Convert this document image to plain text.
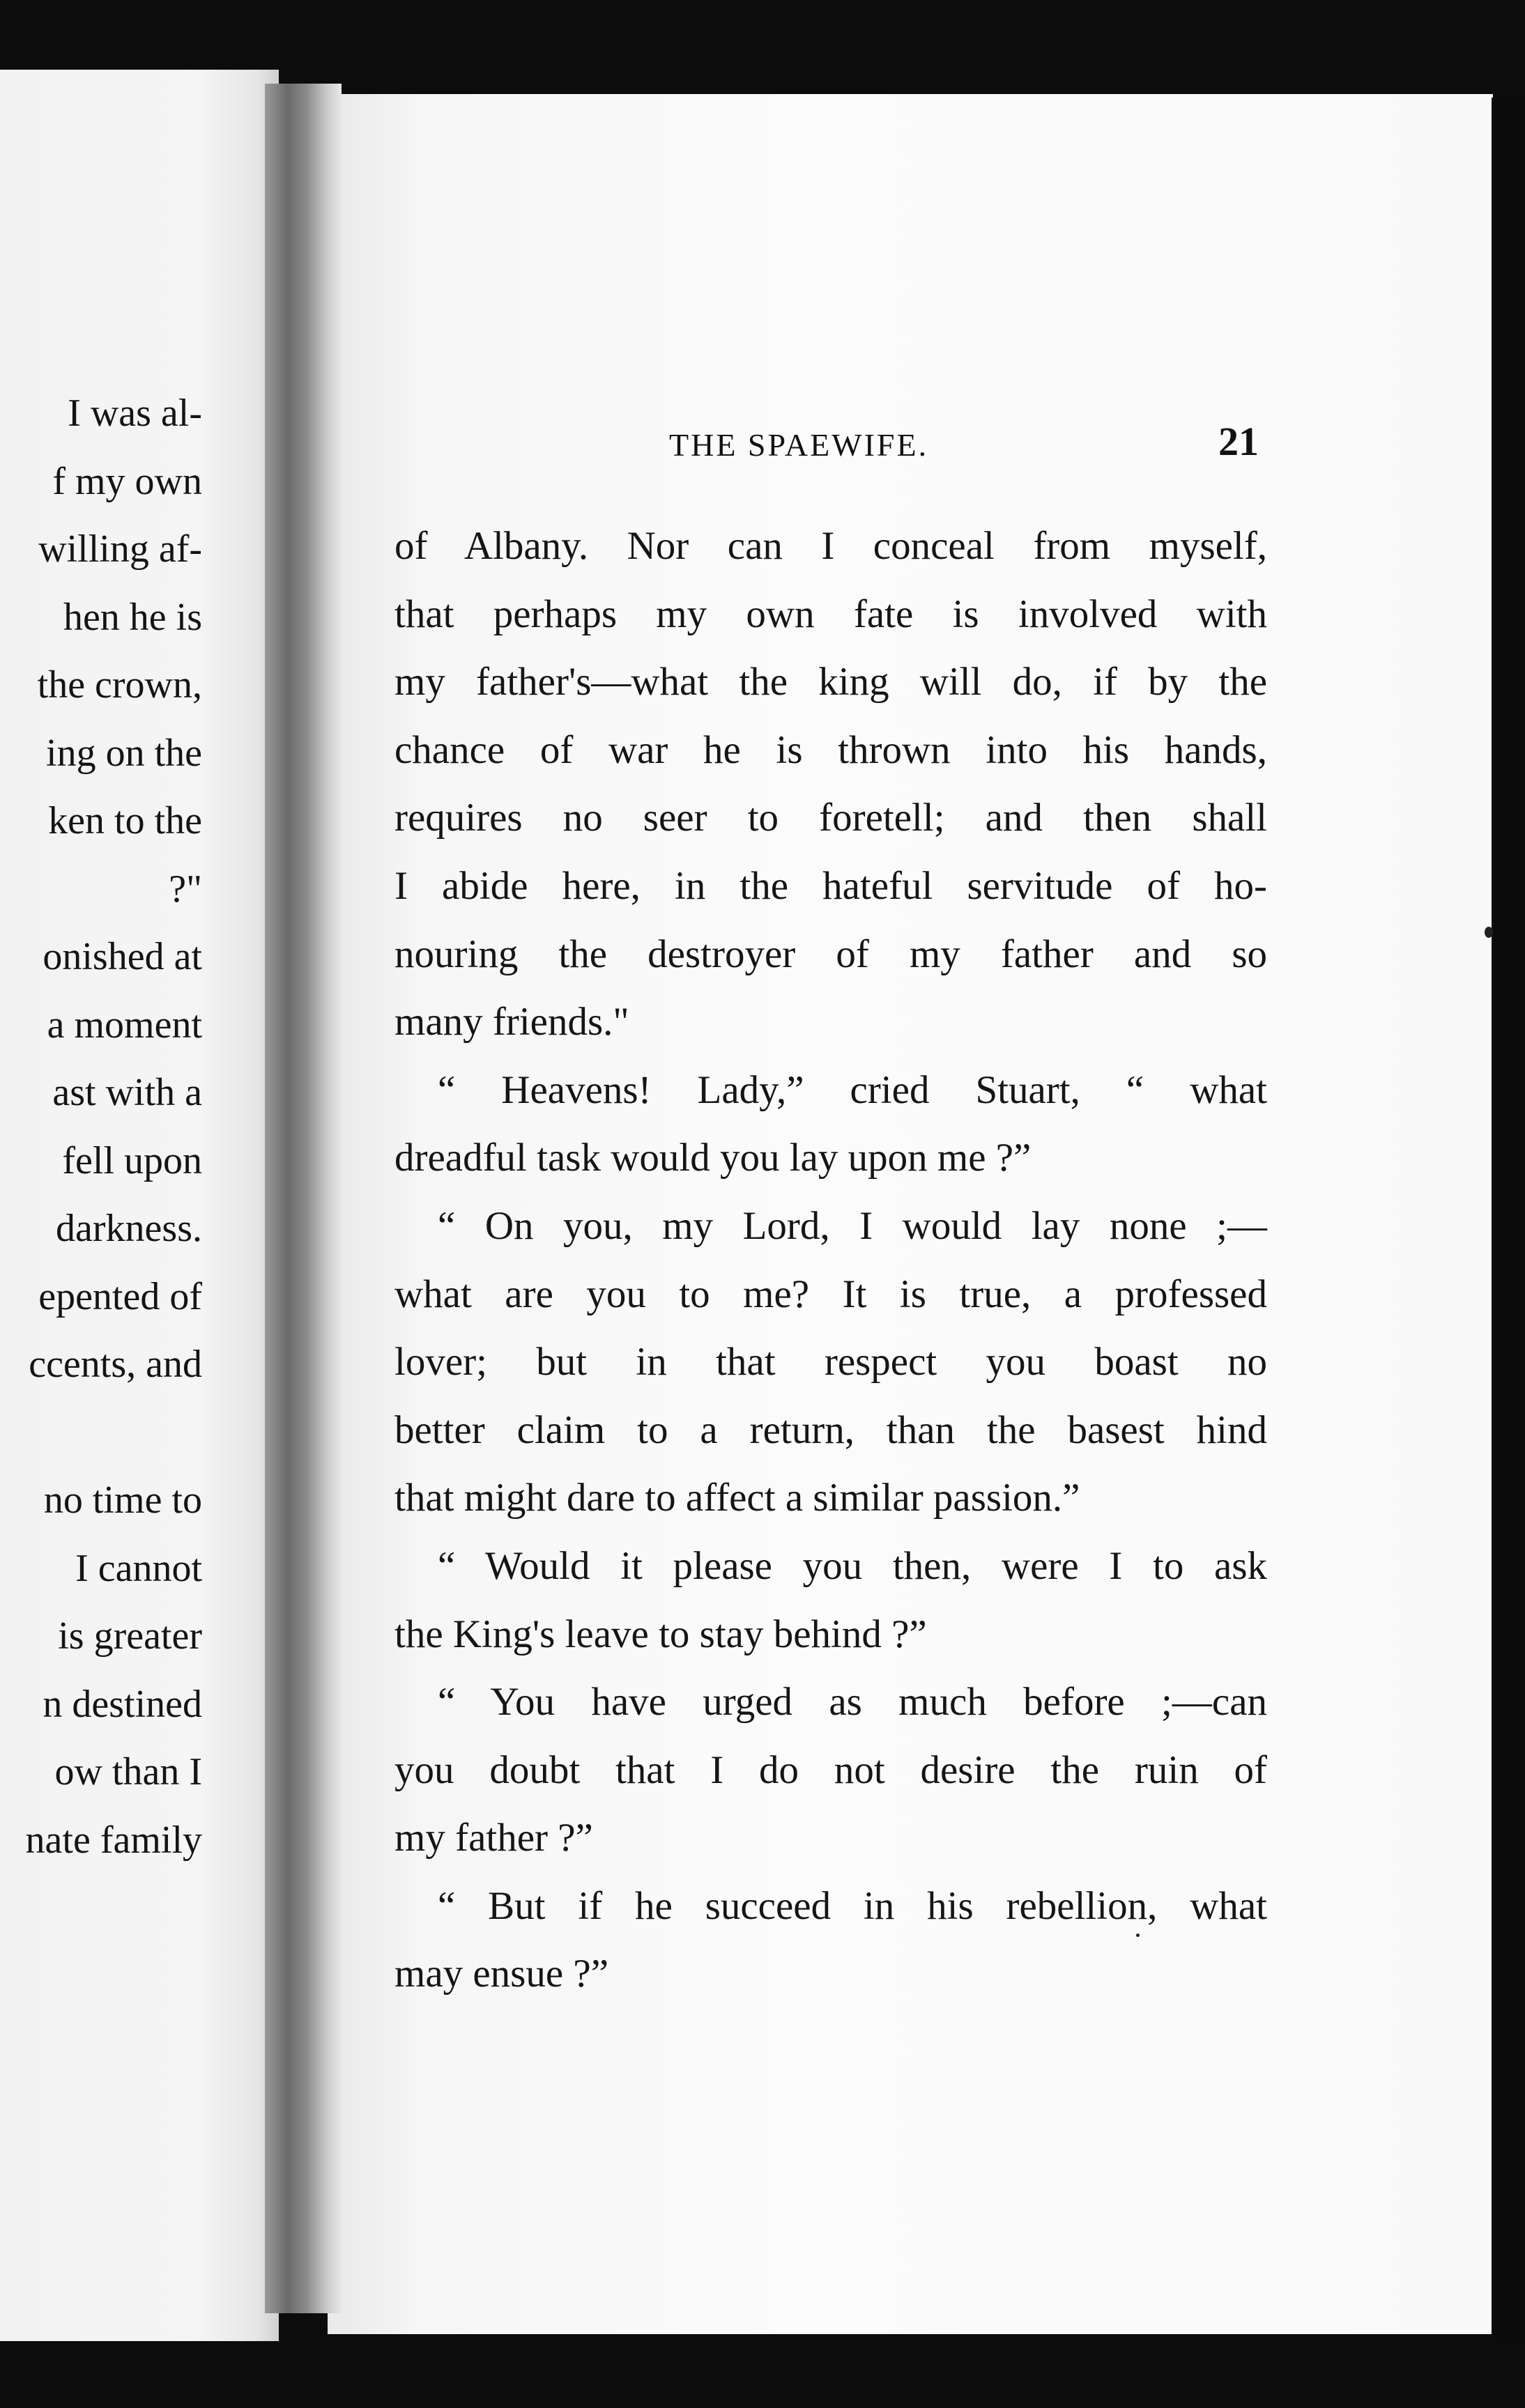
I was al-
f my own
willing af-
hen he is
the crown,
ing on the
ken to the
?"
onished at
a moment
ast with a
fell upon
darkness.
epented of
ccents, and
no time to
I cannot
is greater
n destined
ow than I
nate family
THE SPAEWIFE.	21
of Albany. Nor can I conceal from myself,
that perhaps my own fate is involved with
my father's—what the king will do, if by the
chance of war he is thrown into his hands,
requires no seer to foretell; and then shall
I abide here, in the hateful servitude of ho-
nouring the destroyer of my father and so
many friends."
“ Heavens! Lady,” cried Stuart, “ what
dreadful task would you lay upon me ?”
“ On you, my Lord, I would lay none ;—
what are you to me? It is true, a professed
lover; but in that respect you boast no
better claim to a return, than the basest hind
that might dare to affect a similar passion.”
“ Would it please you then, were I to ask
the King's leave to stay behind ?”
“ You have urged as much before ;—can
you doubt that I do not desire the ruin of
my father ?”
“ But if he succeed in his rebellion, what
may ensue ?”
